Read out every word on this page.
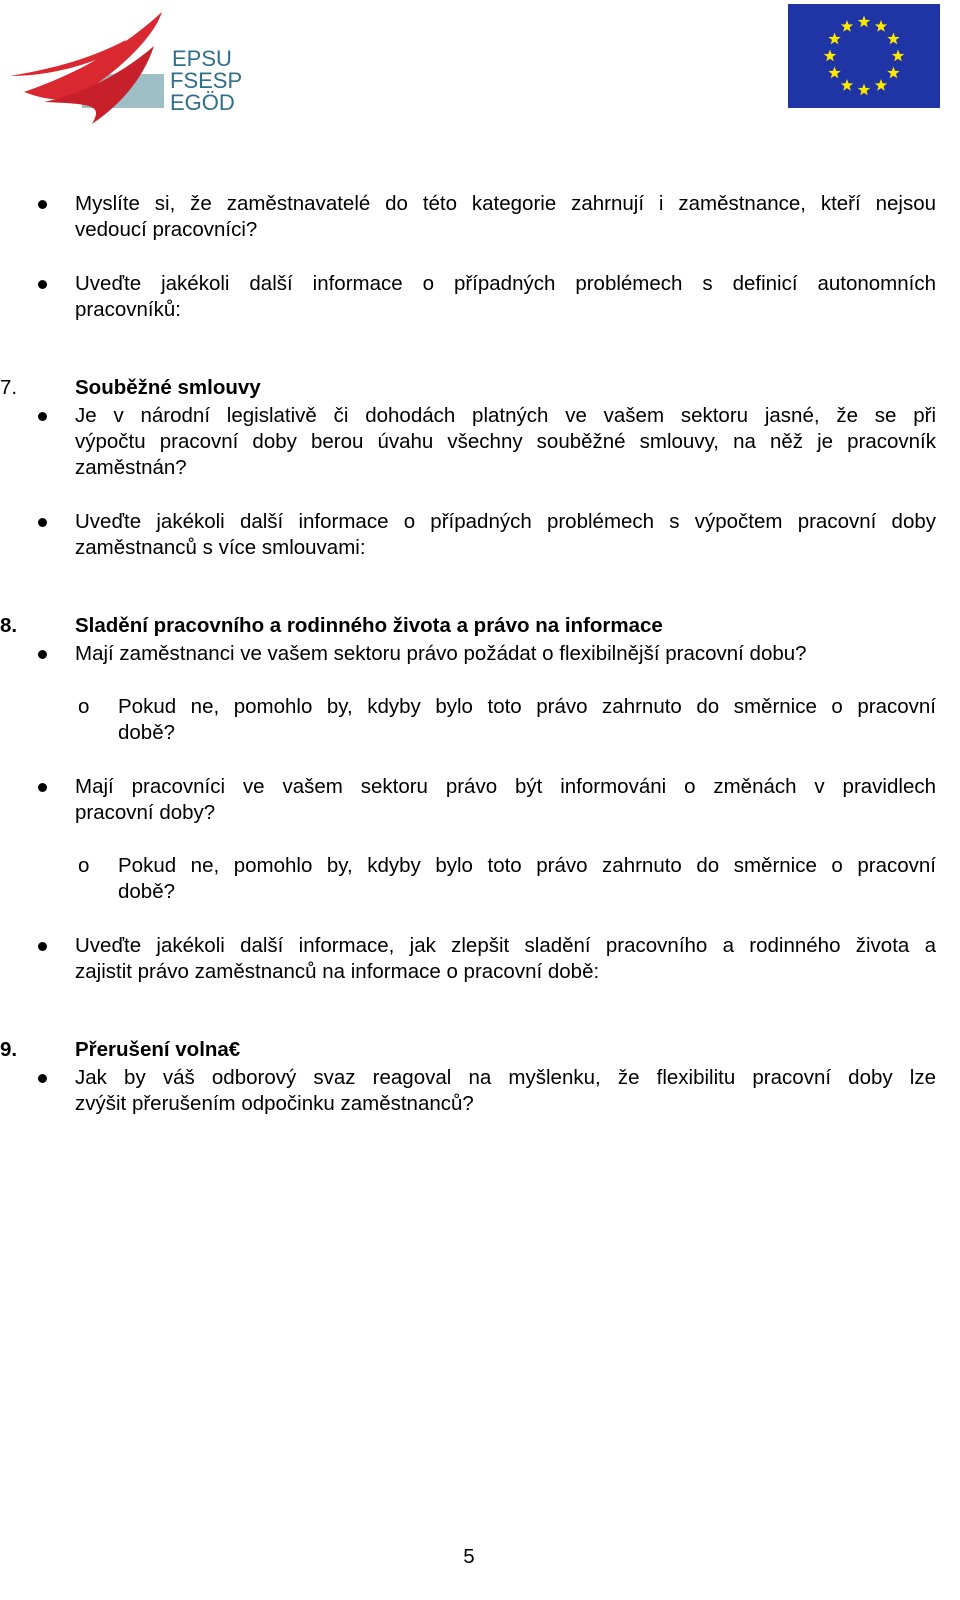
EPSU
FSESP
EGÖD
Myslíte si, že zaměstnavatelé do této kategorie zahrnují i zaměstnance, kteří nejsou
vedoucí pracovníci?
Uveďte jakékoli další informace o případných problémech s definicí autonomních
pracovníků:
7.	Souběžné smlouvy
Je v národní legislativě či dohodách platných ve vašem sektoru jasné, že se při
výpočtu pracovní doby berou úvahu všechny souběžné smlouvy, na něž je pracovník
zaměstnán?
Uveďte jakékoli další informace o případných problémech s výpočtem pracovní doby
zaměstnanců s více smlouvami:
8.	Sladění pracovního a rodinného života a právo na informace
Mají zaměstnanci ve vašem sektoru právo požádat o flexibilnější pracovní dobu?
o Pokud ne, pomohlo by, kdyby bylo toto právo zahrnuto do směrnice o pracovní
době?
Mají pracovníci ve vašem sektoru právo být informováni o změnách v pravidlech
pracovní doby?
o Pokud ne, pomohlo by, kdyby bylo toto právo zahrnuto do směrnice o pracovní
době?
Uveďte jakékoli další informace, jak zlepšit sladění pracovního a rodinného života a
zajistit právo zaměstnanců na informace o pracovní době:
9.	Přerušení volna€
Jak by váš odborový svaz reagoval na myšlenku, že flexibilitu pracovní doby lze
zvýšit přerušením odpočinku zaměstnanců?
5
